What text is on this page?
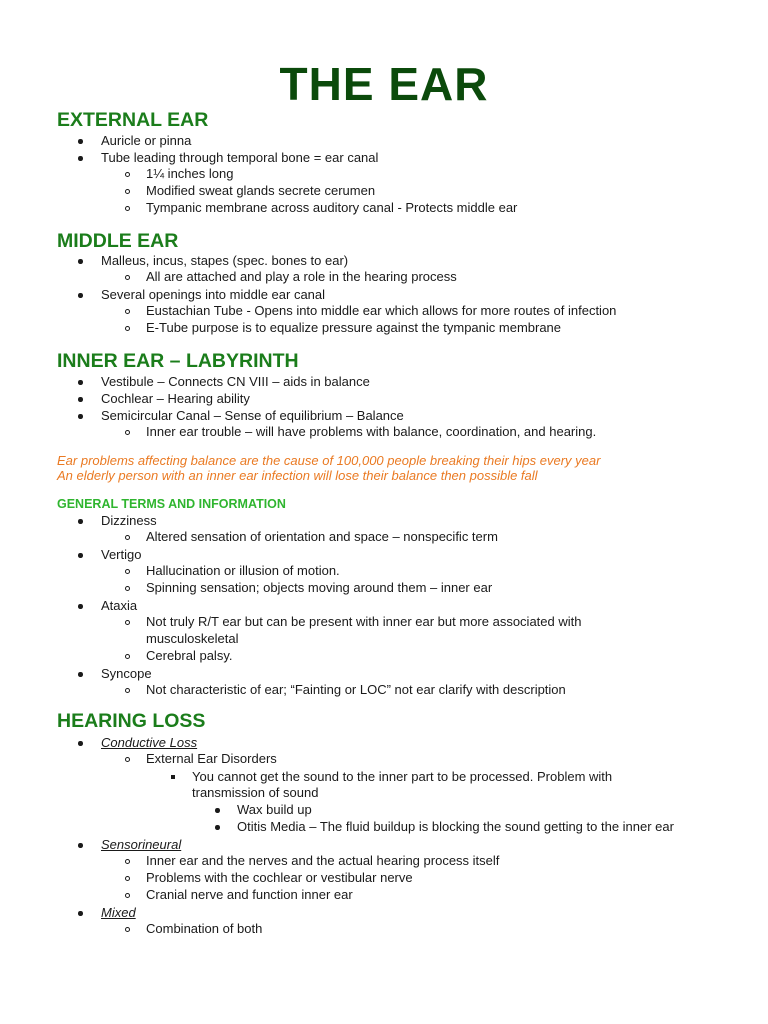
THE EAR
EXTERNAL EAR
Auricle or pinna
Tube leading through temporal bone = ear canal
1¼ inches long
Modified sweat glands secrete cerumen
Tympanic membrane across auditory canal - Protects middle ear
MIDDLE EAR
Malleus, incus, stapes (spec. bones to ear)
All are attached and play a role in the hearing process
Several openings into middle ear canal
Eustachian Tube - Opens into middle ear which allows for more routes of infection
E-Tube purpose is to equalize pressure against the tympanic membrane
INNER EAR – LABYRINTH
Vestibule – Connects CN VIII – aids in balance
Cochlear – Hearing ability
Semicircular Canal – Sense of equilibrium – Balance
Inner ear trouble – will have problems with balance, coordination, and hearing.
Ear problems affecting balance are the cause of 100,000 people breaking their hips every year
An elderly person with an inner ear infection will lose their balance then possible fall
GENERAL TERMS AND INFORMATION
Dizziness
Altered sensation of orientation and space – nonspecific term
Vertigo
Hallucination or illusion of motion.
Spinning sensation; objects moving around them – inner ear
Ataxia
Not truly R/T ear but can be present with inner ear but more associated with
musculoskeletal
Cerebral palsy.
Syncope
Not characteristic of ear; “Fainting or LOC” not ear clarify with description
HEARING LOSS
Conductive Loss
External Ear Disorders
You cannot get the sound to the inner part to be processed. Problem with
transmission of sound
Wax build up
Otitis Media – The fluid buildup is blocking the sound getting to the inner ear
Sensorineural
Inner ear and the nerves and the actual hearing process itself
Problems with the cochlear or vestibular nerve
Cranial nerve and function inner ear
Mixed
Combination of both
